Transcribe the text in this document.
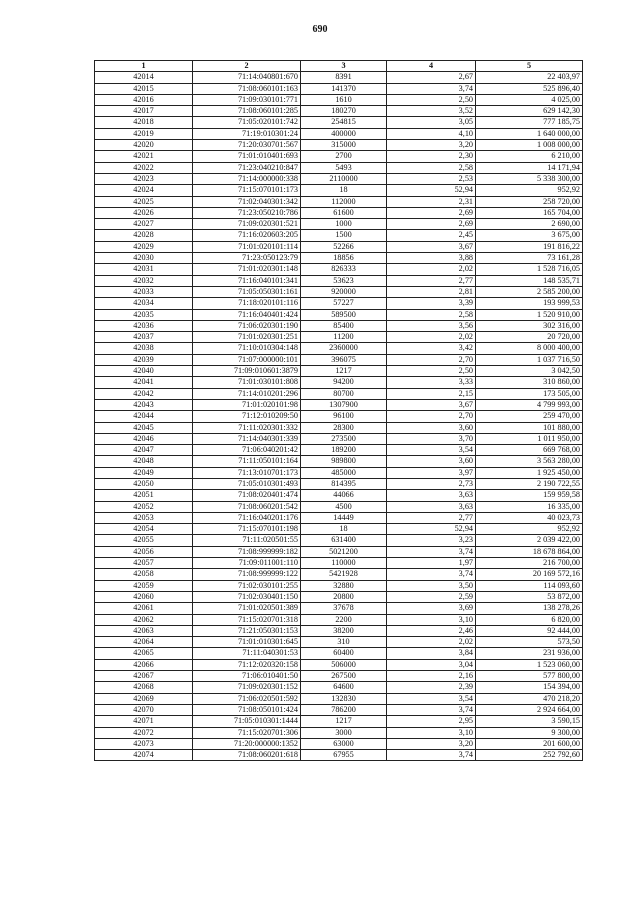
690
1	2	3	4	5
42014	71:14:040801:670	8391	2,67	22 403,97
42015	71:08:060101:163	141370	3,74	525 896,40
42016	71:09:030101:771	1610	2,50	4 025,00
42017	71:08:060101:285	180270	3,52	629 142,30
42018	71:05:020101:742	254815	3,05	777 185,75
42019	71:19:010301:24	400000	4,10	1 640 000,00
42020	71:20:030701:567	315000	3,20	1 008 000,00
42021	71:01:010401:693	2700	2,30	6 210,00
42022	71:23:040210:847	5493	2,58	14 171,94
42023	71:14:000000:338	2110000	2,53	5 338 300,00
42024	71:15:070101:173	18	52,94	952,92
42025	71:02:040301:342	112000	2,31	258 720,00
42026	71:23:050210:786	61600	2,69	165 704,00
42027	71:09:020301:521	1000	2,69	2 690,00
42028	71:16:020603:205	1500	2,45	3 675,00
42029	71:01:020101:114	52266	3,67	191 816,22
42030	71:23:050123:79	18856	3,88	73 161,28
42031	71:01:020301:148	826333	2,02	1 528 716,05
42032	71:16:040101:341	53623	2,77	148 535,71
42033	71:05:050301:161	920000	2,81	2 585 200,00
42034	71:18:020101:116	57227	3,39	193 999,53
42035	71:16:040401:424	589500	2,58	1 520 910,00
42036	71:06:020301:190	85400	3,56	302 316,00
42037	71:01:020301:251	11200	2,02	20 720,00
42038	71:10:010304:148	2360000	3,42	8 000 400,00
42039	71:07:000000:101	396075	2,70	1 037 716,50
42040	71:09:010601:3879	1217	2,50	3 042,50
42041	71:01:030101:808	94200	3,33	310 860,00
42042	71:14:010201:296	80700	2,15	173 505,00
42043	71:01:020101:98	1307900	3,67	4 799 993,00
42044	71:12:010209:50	96100	2,70	259 470,00
42045	71:11:020301:332	28300	3,60	101 880,00
42046	71:14:040301:339	273500	3,70	1 011 950,00
42047	71:06:040201:42	189200	3,54	669 768,00
42048	71:11:050101:164	989800	3,60	3 563 280,00
42049	71:13:010701:173	485000	3,97	1 925 450,00
42050	71:05:010301:493	814395	2,73	2 190 722,55
42051	71:08:020401:474	44066	3,63	159 959,58
42052	71:08:060201:542	4500	3,63	16 335,00
42053	71:16:040201:176	14449	2,77	40 023,73
42054	71:15:070101:198	18	52,94	952,92
42055	71:11:020501:55	631400	3,23	2 039 422,00
42056	71:08:999999:182	5021200	3,74	18 678 864,00
42057	71:09:011001:110	110000	1,97	216 700,00
42058	71:08:999999:122	5421928	3,74	20 169 572,16
42059	71:02:030101:255	32880	3,50	114 093,60
42060	71:02:030401:150	20800	2,59	53 872,00
42061	71:01:020501:389	37678	3,69	138 278,26
42062	71:15:020701:318	2200	3,10	6 820,00
42063	71:21:050301:153	38200	2,46	92 444,00
42064	71:01:010301:645	310	2,02	573,50
42065	71:11:040301:53	60400	3,84	231 936,00
42066	71:12:020320:158	506000	3,04	1 523 060,00
42067	71:06:010401:50	267500	2,16	577 800,00
42068	71:09:020301:152	64600	2,39	154 394,00
42069	71:06:020501:592	132830	3,54	470 218,20
42070	71:08:050101:424	786200	3,74	2 924 664,00
42071	71:05:010301:1444	1217	2,95	3 590,15
42072	71:15:020701:306	3000	3,10	9 300,00
42073	71:20:000000:1352	63000	3,20	201 600,00
42074	71:08:060201:618	67955	3,74	252 792,60
